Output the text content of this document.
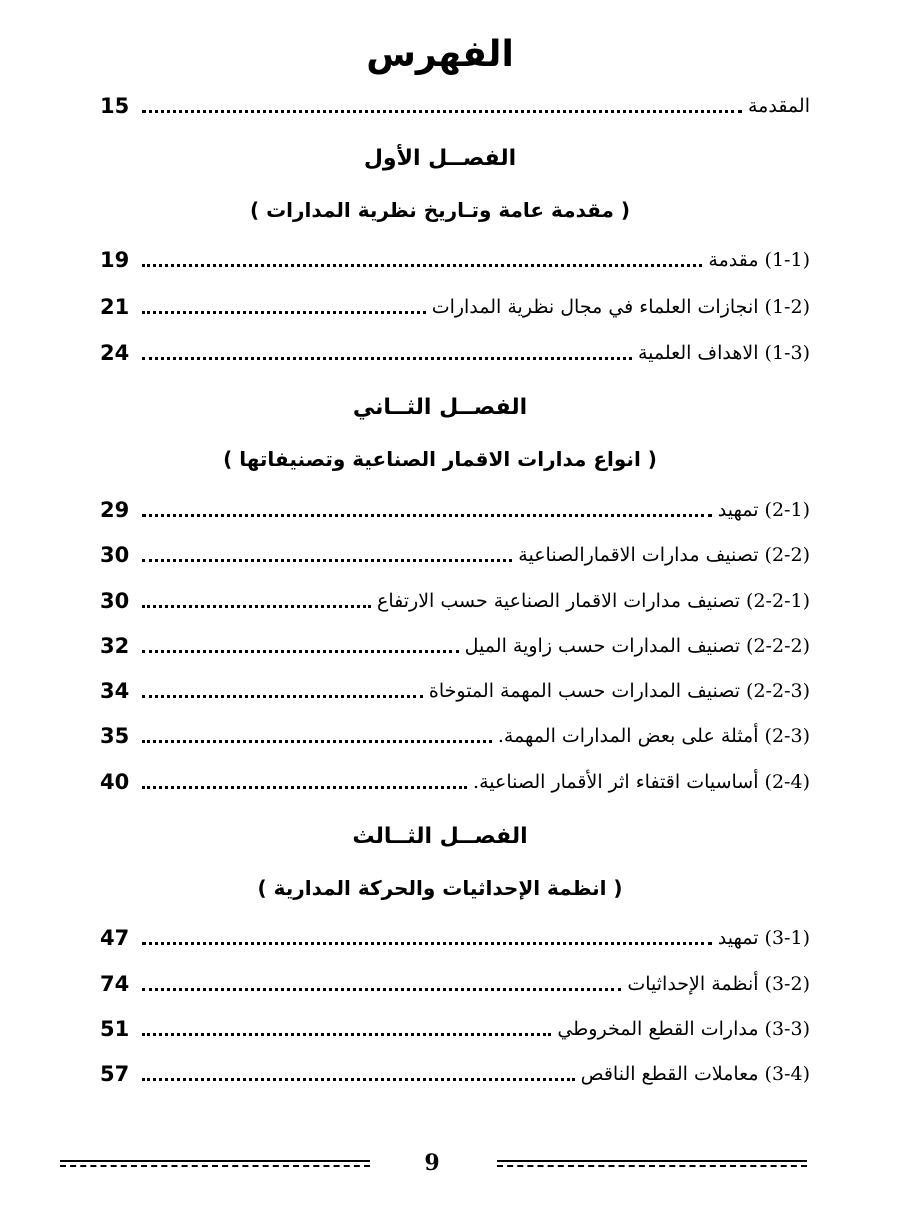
الفهرس
المقدمة
15
الفصــل الأول
( مقدمة عامة وتـاريخ نظرية المدارات )
(1-1) مقدمة
19
(1-2) انجازات العلماء في مجال نظرية المدارات
21
(1-3) الاهداف العلمية
24
الفصــل الثــاني
( انواع مدارات الاقمار الصناعية وتصنيفاتها )
(2-1) تمهيد
29
(2-2) تصنيف مدارات الاقمارالصناعية
30
(2-2-1) تصنيف مدارات الاقمار الصناعية حسب الارتفاع
30
(2-2-2) تصنيف المدارات حسب زاوية الميل
32
(2-2-3) تصنيف المدارات حسب المهمة المتوخاة
34
(2-3) أمثلة على بعض المدارات المهمة.
35
(2-4) أساسيات اقتفاء اثر الأقمار الصناعية.
40
الفصــل الثــالث
( انظمة الإحداثيات والحركة المدارية )
(3-1) تمهيد
47
(3-2) أنظمة الإحداثيات
74
(3-3) مدارات القطع المخروطي
51
(3-4) معاملات القطع الناقص
57
9
